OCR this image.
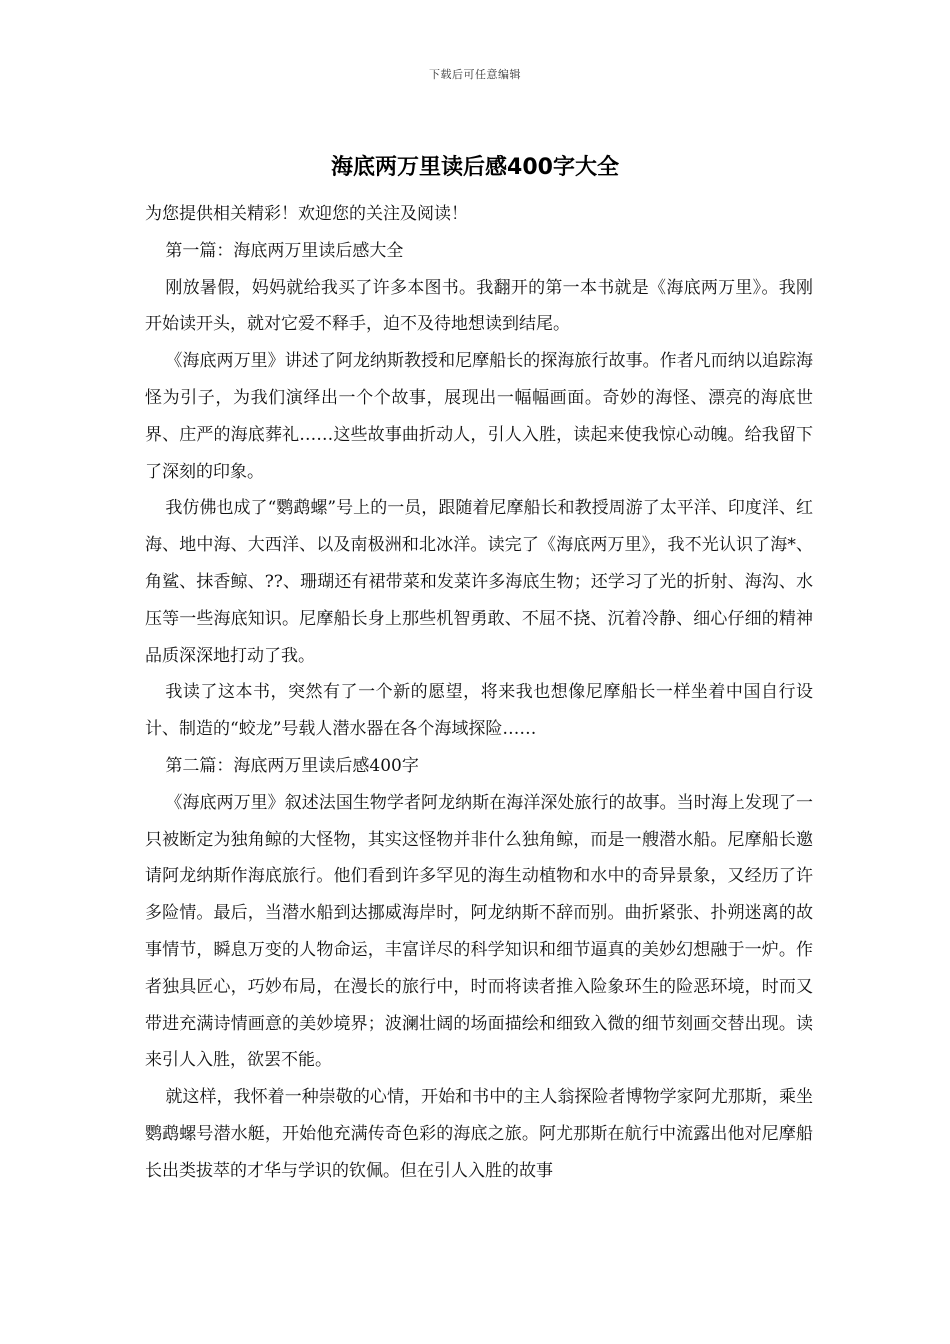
下载后可任意编辑
海底两万里读后感400字大全

为您提供相关精彩！欢迎您的关注及阅读！

第一篇：海底两万里读后感大全

刚放暑假，妈妈就给我买了许多本图书。我翻开的第一本书就是《海底两万里》。我刚开始读开头，就对它爱不释手，迫不及待地想读到结尾。

《海底两万里》讲述了阿龙纳斯教授和尼摩船长的探海旅行故事。作者凡而纳以追踪海怪为引子，为我们演绎出一个个故事，展现出一幅幅画面。奇妙的海怪、漂亮的海底世界、庄严的海底葬礼……这些故事曲折动人，引人入胜，读起来使我惊心动魄。给我留下了深刻的印象。

我仿佛也成了“鹦鹉螺”号上的一员，跟随着尼摩船长和教授周游了太平洋、印度洋、红海、地中海、大西洋、以及南极洲和北冰洋。读完了《海底两万里》，我不光认识了海*、角鲨、抹香鲸、??、珊瑚还有裙带菜和发菜许多海底生物；还学习了光的折射、海沟、水压等一些海底知识。尼摩船长身上那些机智勇敢、不屈不挠、沉着冷静、细心仔细的精神品质深深地打动了我。

我读了这本书，突然有了一个新的愿望，将来我也想像尼摩船长一样坐着中国自行设计、制造的“蛟龙”号载人潜水器在各个海域探险……

第二篇：海底两万里读后感400字

《海底两万里》叙述法国生物学者阿龙纳斯在海洋深处旅行的故事。当时海上发现了一只被断定为独角鲸的大怪物，其实这怪物并非什么独角鲸，而是一艘潜水船。尼摩船长邀请阿龙纳斯作海底旅行。他们看到许多罕见的海生动植物和水中的奇异景象，又经历了许多险情。最后，当潜水船到达挪威海岸时，阿龙纳斯不辞而别。曲折紧张、扑朔迷离的故事情节，瞬息万变的人物命运，丰富详尽的科学知识和细节逼真的美妙幻想融于一炉。作者独具匠心，巧妙布局，在漫长的旅行中，时而将读者推入险象环生的险恶环境，时而又带进充满诗情画意的美妙境界；波澜壮阔的场面描绘和细致入微的细节刻画交替出现。读来引人入胜，欲罢不能。

就这样，我怀着一种崇敬的心情，开始和书中的主人翁探险者博物学家阿尤那斯，乘坐鹦鹉螺号潜水艇，开始他充满传奇色彩的海底之旅。阿尤那斯在航行中流露出他对尼摩船长出类拔萃的才华与学识的钦佩。但在引人入胜的故事
